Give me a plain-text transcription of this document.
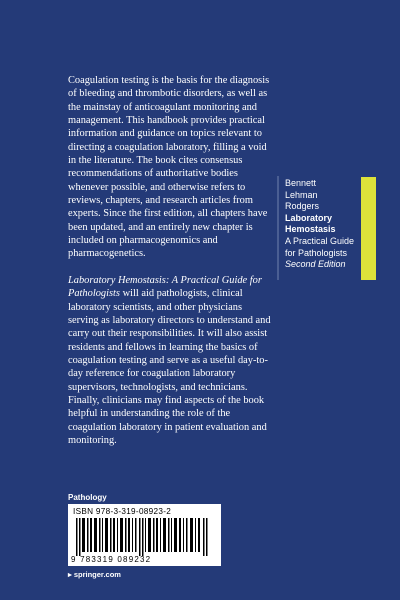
Coagulation testing is the basis for the diagnosis of bleeding and thrombotic disorders, as well as the mainstay of anticoagulant monitoring and management. This handbook provides practical information and guidance on topics relevant to directing a coagulation laboratory, filling a void in the literature. The book cites consensus recommendations of authoritative bodies whenever possible, and otherwise refers to reviews, chapters, and research articles from experts. Since the first edition, all chapters have been updated, and an entirely new chapter is included on pharmacogenomics and pharmacogenetics.

Laboratory Hemostasis: A Practical Guide for Pathologists will aid pathologists, clinical laboratory scientists, and other physicians serving as laboratory directors to understand and carry out their responsibilities. It will also assist residents and fellows in learning the basics of coagulation testing and serve as a useful day-to-day reference for coagulation laboratory supervisors, technologists, and technicians. Finally, clinicians may find aspects of the book helpful in understanding the role of the coagulation laboratory in patient evaluation and monitoring.

Bennett
Lehman
Rodgers
Laboratory
Hemostasis
A Practical Guide
for Pathologists
Second Edition
Pathology
ISBN 978-3-319-08923-2
9 783319 089232
▸ springer.com
